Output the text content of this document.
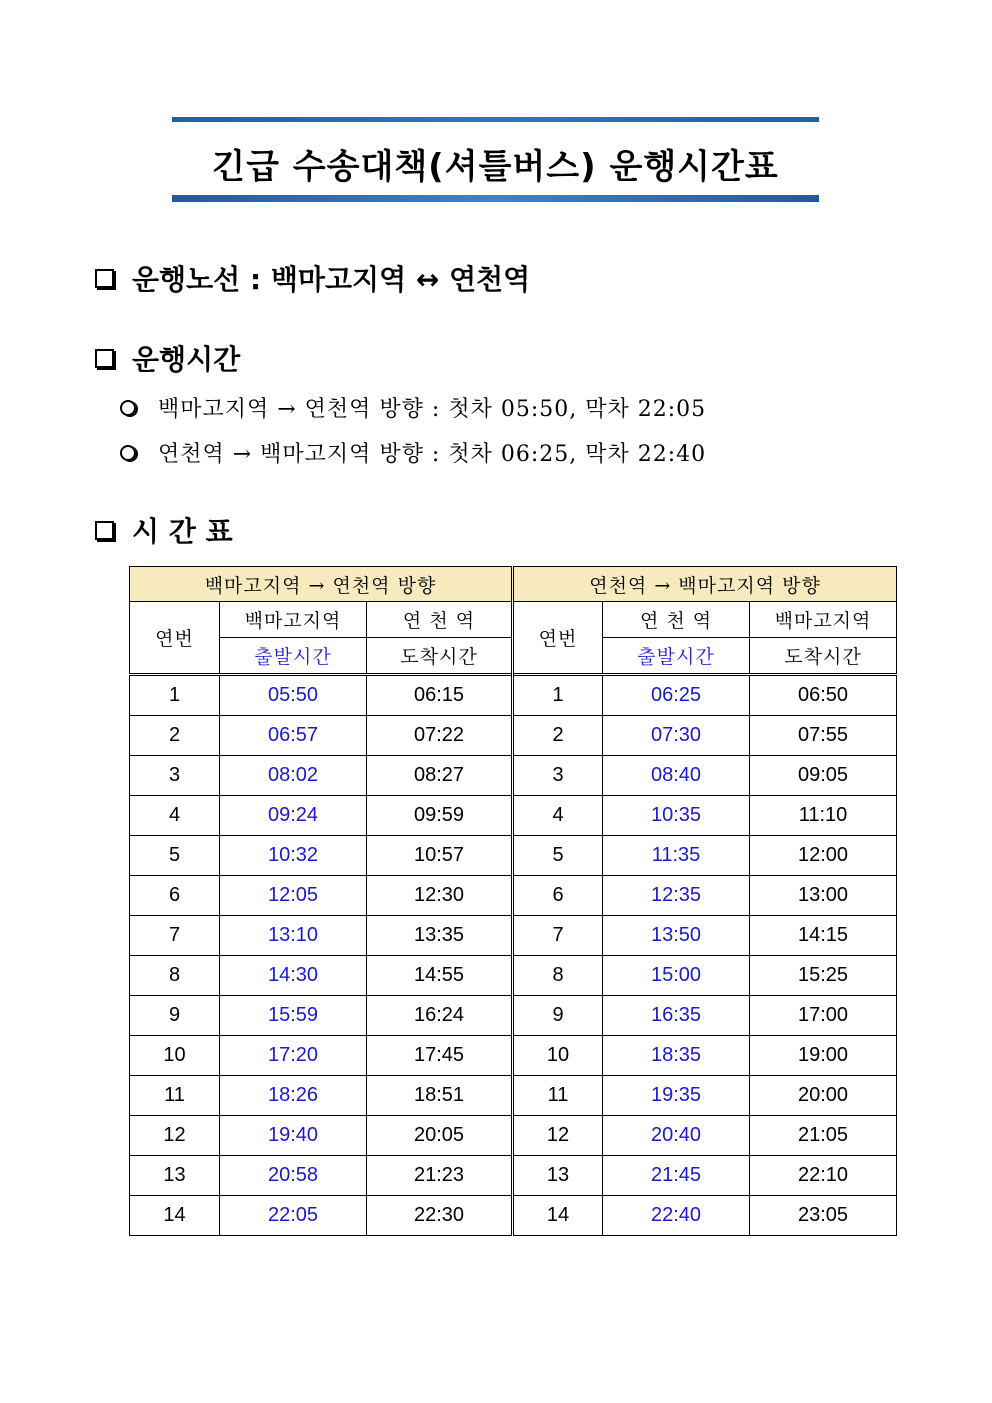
긴급 수송대책(셔틀버스) 운행시간표
운행노선 : 백마고지역 ↔ 연천역
운행시간
백마고지역 → 연천역 방향 : 첫차 05:50, 막차 22:05
연천역 → 백마고지역 방향 : 첫차 06:25, 막차 22:40
시 간 표
백마고지역 → 연천역 방향			연천역 → 백마고지역 방향		
연번	백마고지역	연 천 역	연번	연 천 역	백마고지역
	출발시간	도착시간		출발시간	도착시간
1	05:50	06:15	1	06:25	06:50
2	06:57	07:22	2	07:30	07:55
3	08:02	08:27	3	08:40	09:05
4	09:24	09:59	4	10:35	11:10
5	10:32	10:57	5	11:35	12:00
6	12:05	12:30	6	12:35	13:00
7	13:10	13:35	7	13:50	14:15
8	14:30	14:55	8	15:00	15:25
9	15:59	16:24	9	16:35	17:00
10	17:20	17:45	10	18:35	19:00
11	18:26	18:51	11	19:35	20:00
12	19:40	20:05	12	20:40	21:05
13	20:58	21:23	13	21:45	22:10
14	22:05	22:30	14	22:40	23:05
